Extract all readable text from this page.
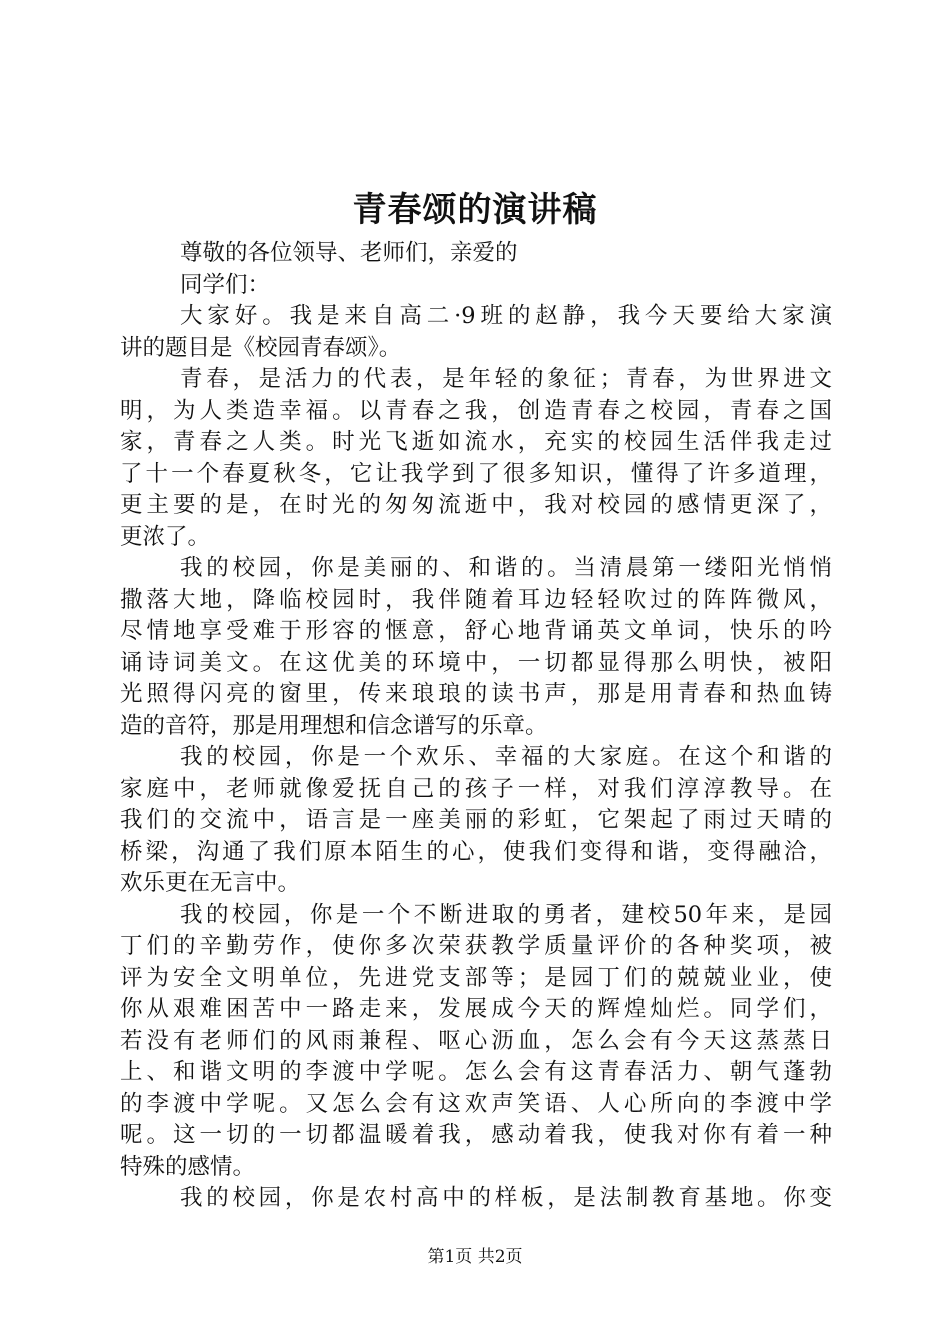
青春颂的演讲稿

尊敬的各位领导、老师们，亲爱的

同学们：

大家好。我是来自高二·9班的赵静，我今天要给大家演

讲的题目是《校园青春颂》。

青春，是活力的代表，是年轻的象征；青春，为世界进文

明，为人类造幸福。以青春之我，创造青春之校园，青春之国

家，青春之人类。时光飞逝如流水，充实的校园生活伴我走过

了十一个春夏秋冬，它让我学到了很多知识，懂得了许多道理，

更主要的是，在时光的匆匆流逝中，我对校园的感情更深了，

更浓了。

我的校园，你是美丽的、和谐的。当清晨第一缕阳光悄悄

撒落大地，降临校园时，我伴随着耳边轻轻吹过的阵阵微风，

尽情地享受难于形容的惬意，舒心地背诵英文单词，快乐的吟

诵诗词美文。在这优美的环境中，一切都显得那么明快，被阳

光照得闪亮的窗里，传来琅琅的读书声，那是用青春和热血铸

造的音符，那是用理想和信念谱写的乐章。

我的校园，你是一个欢乐、幸福的大家庭。在这个和谐的

家庭中，老师就像爱抚自己的孩子一样，对我们淳淳教导。在

我们的交流中，语言是一座美丽的彩虹，它架起了雨过天晴的

桥梁，沟通了我们原本陌生的心，使我们变得和谐，变得融洽，

欢乐更在无言中。

我的校园，你是一个不断进取的勇者，建校50年来，是园

丁们的辛勤劳作，使你多次荣获教学质量评价的各种奖项，被

评为安全文明单位，先进党支部等；是园丁们的兢兢业业，使

你从艰难困苦中一路走来，发展成今天的辉煌灿烂。同学们，

若没有老师们的风雨兼程、呕心沥血，怎么会有今天这蒸蒸日

上、和谐文明的李渡中学呢。怎么会有这青春活力、朝气蓬勃

的李渡中学呢。又怎么会有这欢声笑语、人心所向的李渡中学

呢。这一切的一切都温暖着我，感动着我，使我对你有着一种

特殊的感情。

我的校园，你是农村高中的样板，是法制教育基地。你变

第1页 共2页
